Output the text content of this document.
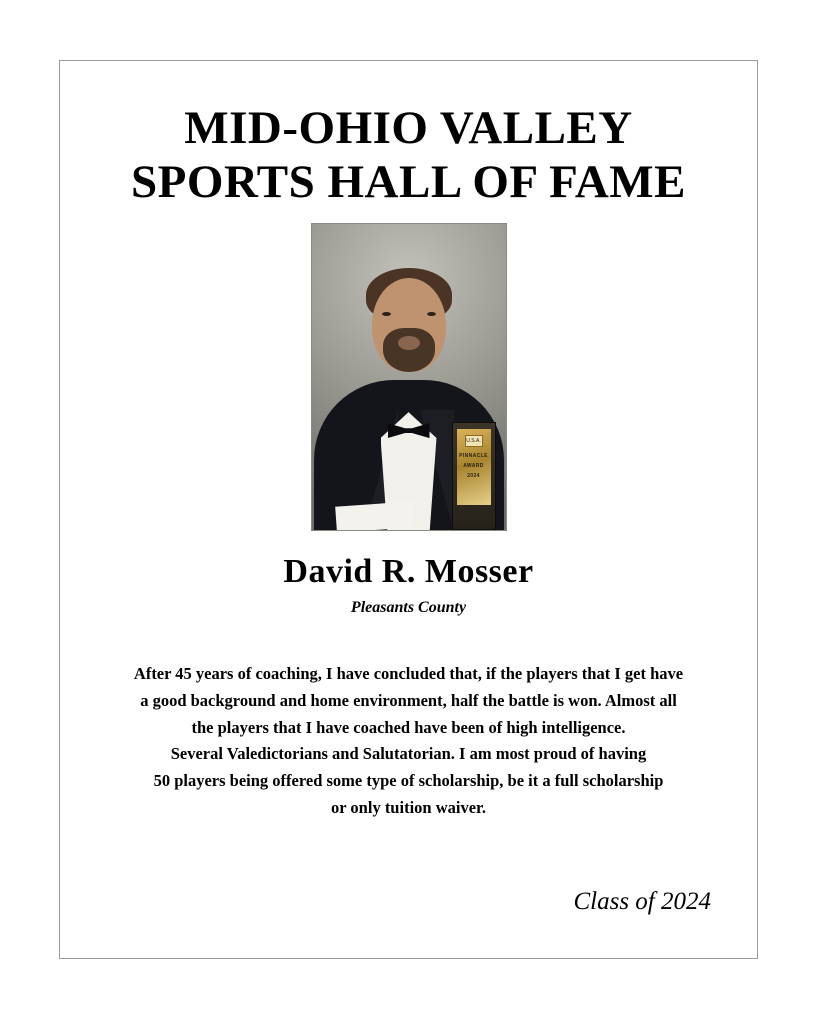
MID-OHIO VALLEY
SPORTS HALL OF FAME
U.S.A.
PINNACLE
AWARD
2024
David R. Mosser
Pleasants County

After 45 years of coaching, I have concluded that, if the players that I get have

a good background and home environment, half the battle is won. Almost all

the players that I have coached have been of high intelligence.

Several Valedictorians and Salutatorian. I am most proud of having

50 players being offered some type of scholarship, be it a full scholarship

or only tuition waiver.

Class of 2024
